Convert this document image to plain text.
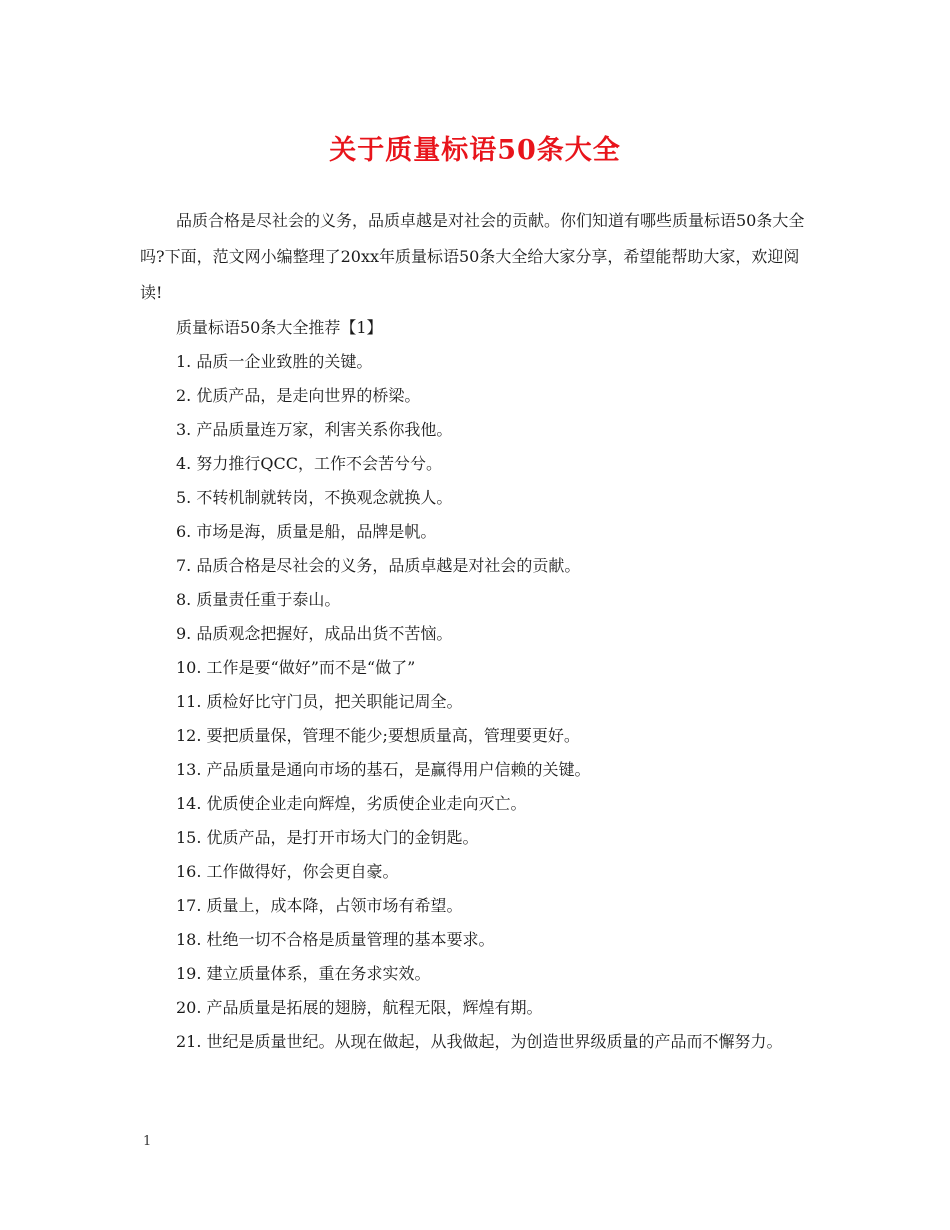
关于质量标语50条大全

品质合格是尽社会的义务，品质卓越是对社会的贡献。你们知道有哪些质量标语50条大全吗?下面，范文网小编整理了20xx年质量标语50条大全给大家分享，希望能帮助大家，欢迎阅读!

质量标语50条大全推荐【1】
1. 品质一企业致胜的关键。
2. 优质产品，是走向世界的桥梁。
3. 产品质量连万家，利害关系你我他。
4. 努力推行QCC，工作不会苦兮兮。
5. 不转机制就转岗，不换观念就换人。
6. 市场是海，质量是船，品牌是帆。
7. 品质合格是尽社会的义务，品质卓越是对社会的贡献。
8. 质量责任重于泰山。
9. 品质观念把握好，成品出货不苦恼。
10. 工作是要“做好”而不是“做了”
11. 质检好比守门员，把关职能记周全。
12. 要把质量保，管理不能少;要想质量高，管理要更好。
13. 产品质量是通向市场的基石，是赢得用户信赖的关键。
14. 优质使企业走向辉煌，劣质使企业走向灭亡。
15. 优质产品，是打开市场大门的金钥匙。
16. 工作做得好，你会更自豪。
17. 质量上，成本降，占领市场有希望。
18. 杜绝一切不合格是质量管理的基本要求。
19. 建立质量体系，重在务求实效。
20. 产品质量是拓展的翅膀，航程无限，辉煌有期。
21. 世纪是质量世纪。从现在做起，从我做起，为创造世界级质量的产品而不懈努力。
1
